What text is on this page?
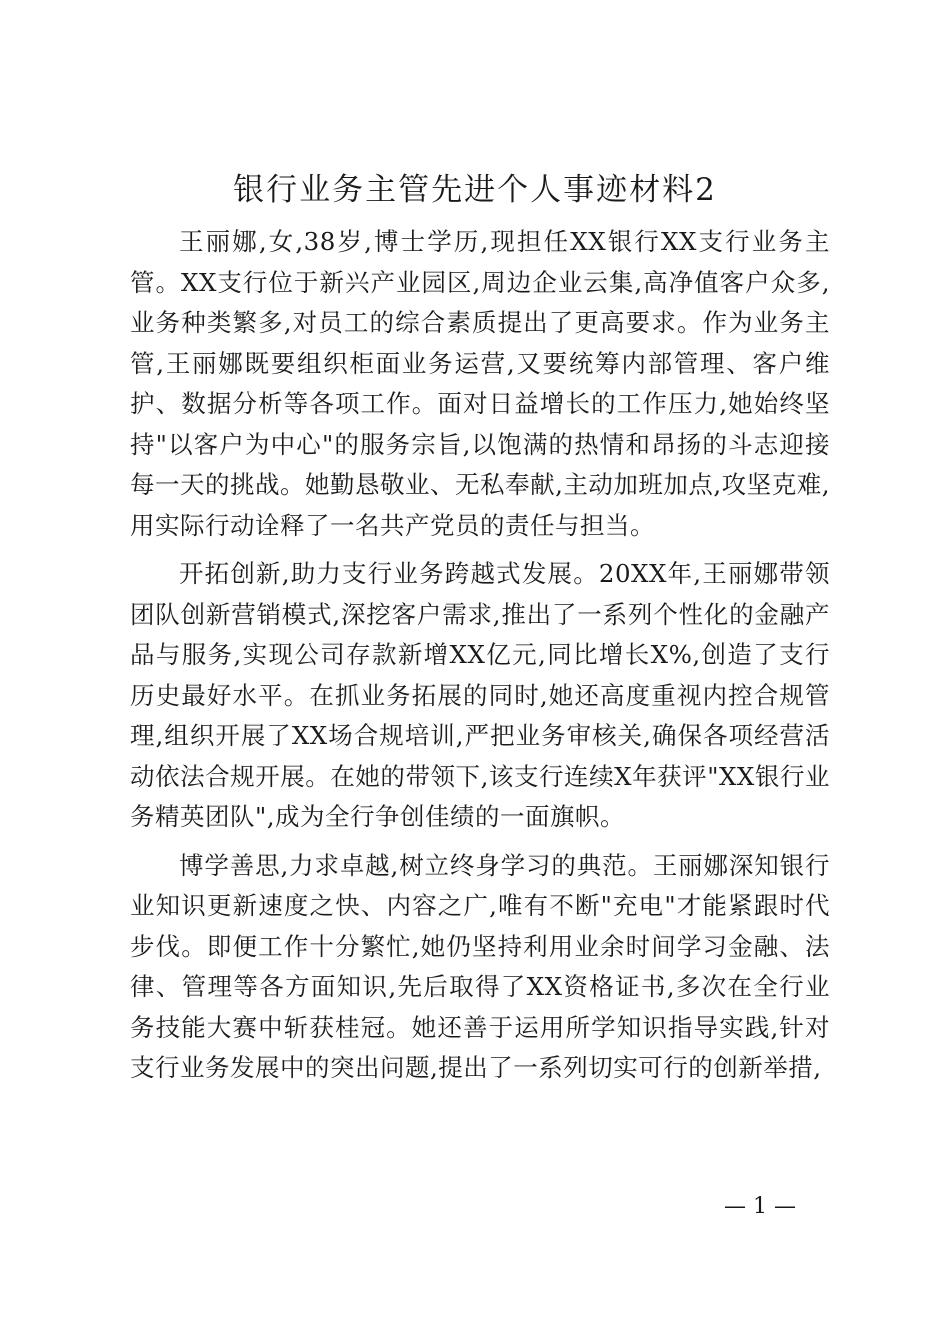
银行业务主管先进个人事迹材料2

王丽娜,女,38岁,博士学历,现担任XX银行XX支行业务主管。XX支行位于新兴产业园区,周边企业云集,高净值客户众多,业务种类繁多,对员工的综合素质提出了更高要求。作为业务主管,王丽娜既要组织柜面业务运营,又要统筹内部管理、客户维护、数据分析等各项工作。面对日益增长的工作压力,她始终坚持"以客户为中心"的服务宗旨,以饱满的热情和昂扬的斗志迎接每一天的挑战。她勤恳敬业、无私奉献,主动加班加点,攻坚克难,用实际行动诠释了一名共产党员的责任与担当。

开拓创新,助力支行业务跨越式发展。20XX年,王丽娜带领团队创新营销模式,深挖客户需求,推出了一系列个性化的金融产品与服务,实现公司存款新增XX亿元,同比增长X%,创造了支行历史最好水平。在抓业务拓展的同时,她还高度重视内控合规管理,组织开展了XX场合规培训,严把业务审核关,确保各项经营活动依法合规开展。在她的带领下,该支行连续X年获评"XX银行业务精英团队",成为全行争创佳绩的一面旗帜。

博学善思,力求卓越,树立终身学习的典范。王丽娜深知银行业知识更新速度之快、内容之广,唯有不断"充电"才能紧跟时代步伐。即便工作十分繁忙,她仍坚持利用业余时间学习金融、法律、管理等各方面知识,先后取得了XX资格证书,多次在全行业务技能大赛中斩获桂冠。她还善于运用所学知识指导实践,针对支行业务发展中的突出问题,提出了一系列切实可行的创新举措,

— 1 —
